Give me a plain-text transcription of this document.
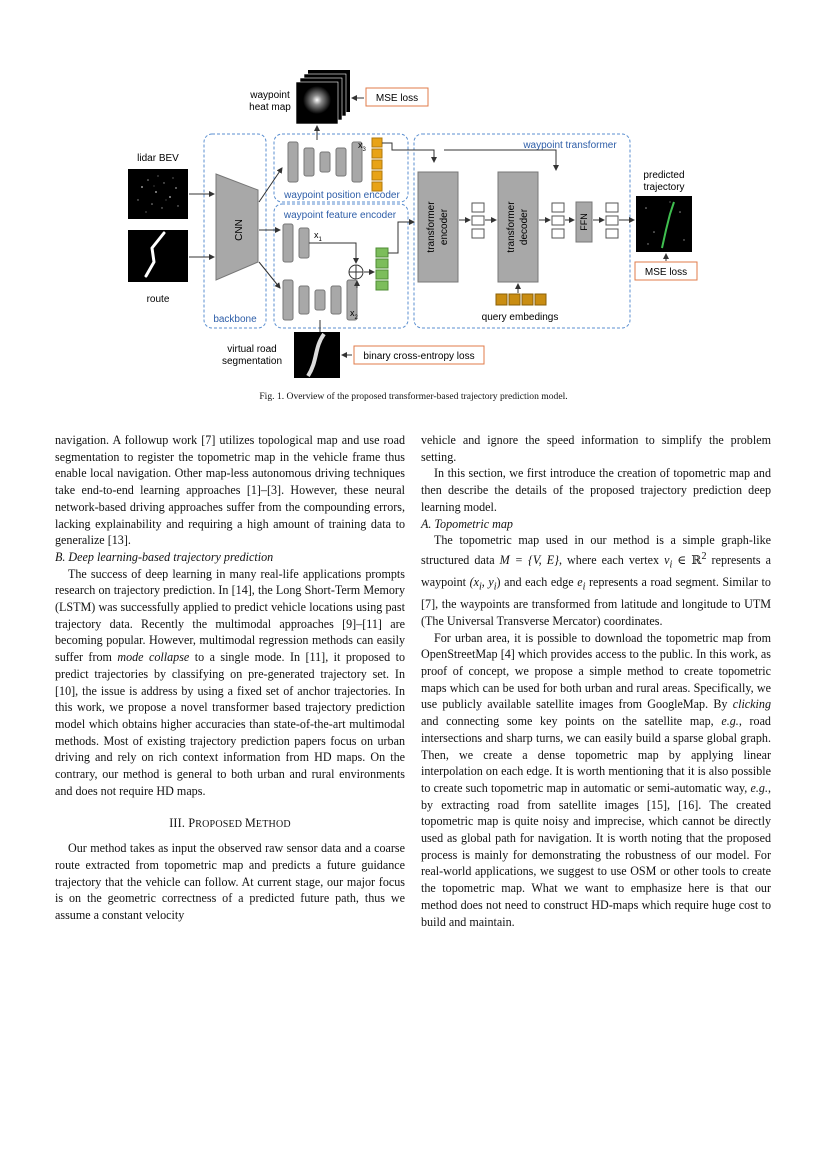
waypoint
heat map
MSE loss
lidar BEV
route
CNN
backbone
$x_3$
waypoint position encoder
waypoint feature encoder
$x_1$
$x_2$
waypoint transformer
transformer encoder	transformer decoder	FFN
query embedings
predicted
trajectory
MSE loss
virtual road
segmentation	binary cross-entropy loss
Fig. 1. Overview of the proposed transformer-based trajectory prediction model.

navigation. A followup work [7] utilizes topological map and use road segmentation to register the topometric map in the vehicle frame thus enable local navigation. Other map-less autonomous driving techniques take end-to-end learning approaches [1]–[3]. However, these neural network-based driving approaches suffer from the compounding errors, lacking explainability and requiring a high amount of training data to generalize [13].

B. Deep learning-based trajectory prediction

The success of deep learning in many real-life applications prompts research on trajectory prediction. In [14], the Long Short-Term Memory (LSTM) was successfully applied to predict vehicle locations using past trajectory data. Recently the multimodal approaches [9]–[11] are becoming popular. However, multimodal regression methods can easily suffer from mode collapse to a single mode. In [11], it proposed to predict trajectories by classifying on pre-generated trajectory set. In [10], the issue is address by using a fixed set of anchor trajectories. In this work, we propose a novel transformer based trajectory prediction model which obtains higher accuracies than state-of-the-art multimodal methods. Most of existing trajectory prediction papers focus on urban driving and rely on rich context information from HD maps. On the contrary, our method is general to both urban and rural environments and does not require HD maps.

III. PROPOSED METHOD

Our method takes as input the observed raw sensor data and a coarse route extracted from topometric map and predicts a future guidance trajectory that the vehicle can follow. At current stage, our major focus is on the geometric correctness of a predicted future path, thus we assume a constant velocity

vehicle and ignore the speed information to simplify the problem setting.

In this section, we first introduce the creation of topometric map and then describe the details of the proposed trajectory prediction deep learning model.

A. Topometric map

The topometric map used in our method is a simple graph-like structured data M = {V, E}, where each vertex $v_i$ ∈ ℝ$^2$ represents a waypoint ($x_i$, $y_i$) and each edge $e_i$ represents a road segment. Similar to [7], the waypoints are transformed from latitude and longitude to UTM (The Universal Transverse Mercator) coordinates.

For urban area, it is possible to download the topometric map from OpenStreetMap [4] which provides access to the public. In this work, as proof of concept, we propose a simple method to create topometric maps which can be used for both urban and rural areas. Specifically, we use publicly available satellite images from GoogleMap. By clicking and connecting some key points on the satellite map, e.g., road intersections and sharp turns, we can easily build a sparse global graph. Then, we create a dense topometric map by applying linear interpolation on each edge. It is worth mentioning that it is also possible to create such topometric map in automatic or semi-automatic way, e.g., by extracting road from satellite images [15], [16]. The created topometric map is quite noisy and imprecise, which cannot be directly used as global path for navigation. It is worth noting that the proposed process is mainly for demonstrating the robustness of our model. For real-world applications, we suggest to use OSM or other tools to create the topometric map. What we want to emphasize here is that our method does not need to construct HD-maps which require huge cost to build and maintain.
